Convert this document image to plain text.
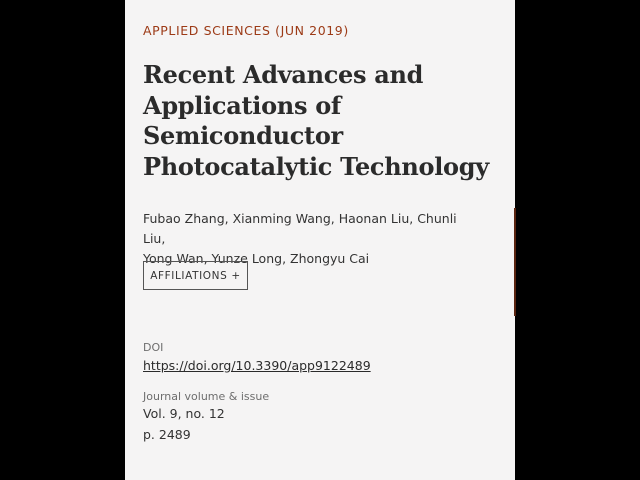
APPLIED SCIENCES (JUN 2019)
Recent Advances and Applications of Semiconductor Photocatalytic Technology
Fubao Zhang, Xianming Wang, Haonan Liu, Chunli Liu,
Yong Wan, Yunze Long, Zhongyu Cai
AFFILIATIONS +
DOI
https://doi.org/10.3390/app9122489
Journal volume & issue
Vol. 9, no. 12
p. 2489
